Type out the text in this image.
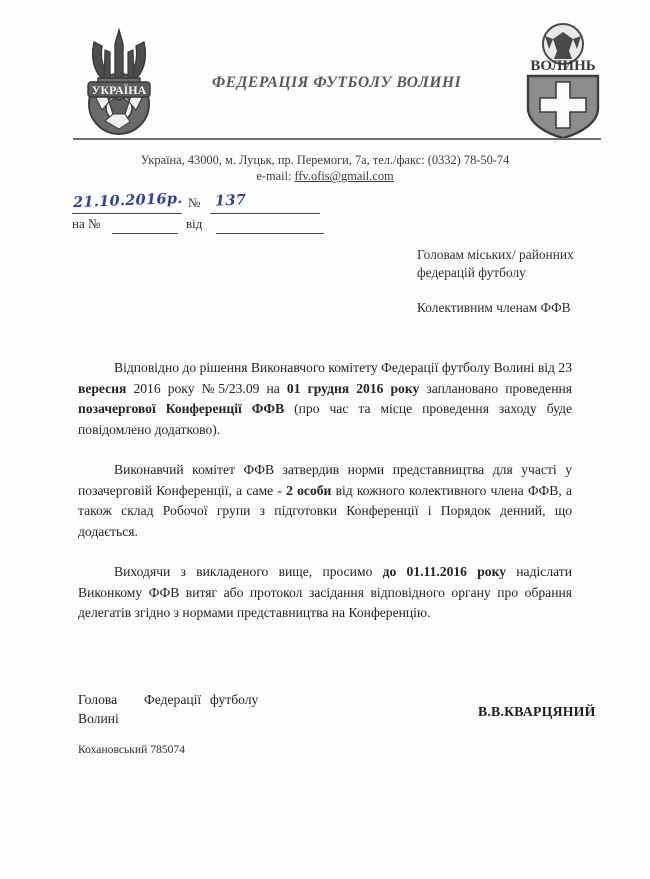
УКРАЇНА	ФЕДЕРАЦІЯ ФУТБОЛУ ВОЛИНІ
ВОЛИНЬ
Україна, 43000, м. Луцьк, пр. Перемоги, 7а, тел./факс: (0332) 78-50-74
e-mail: ffv.ofis@gmail.com
21.10.2016р. № 137
на №	від
Головам міських/ районних
федерацій футболу
Колективним членам ФФВ

Відповідно до рішення Виконавчого комітету Федерації футболу Волині від 23 вересня 2016 року №5/23.09 на 01 грудня 2016 року заплановано проведення позачергової Конференції ФФВ (про час та місце проведення заходу буде повідомлено додатково).

Виконавчий комітет ФФВ затвердив норми представництва для участі у позачерговій Конференції, а саме - 2 особи від кожного колективного члена ФФВ, а також склад Робочої групи з підготовки Конференції і Порядок денний, що додається.

Виходячи з викладеного вище, просимо до 01.11.2016 року надіслати Виконкому ФФВ витяг або протокол засідання відповідного органу про обрання делегатів згідно з нормами представництва на Конференцію.

Голова Федерації футболу
Волині	В.В.КВАРЦЯНИЙ
Кохановський 785074
